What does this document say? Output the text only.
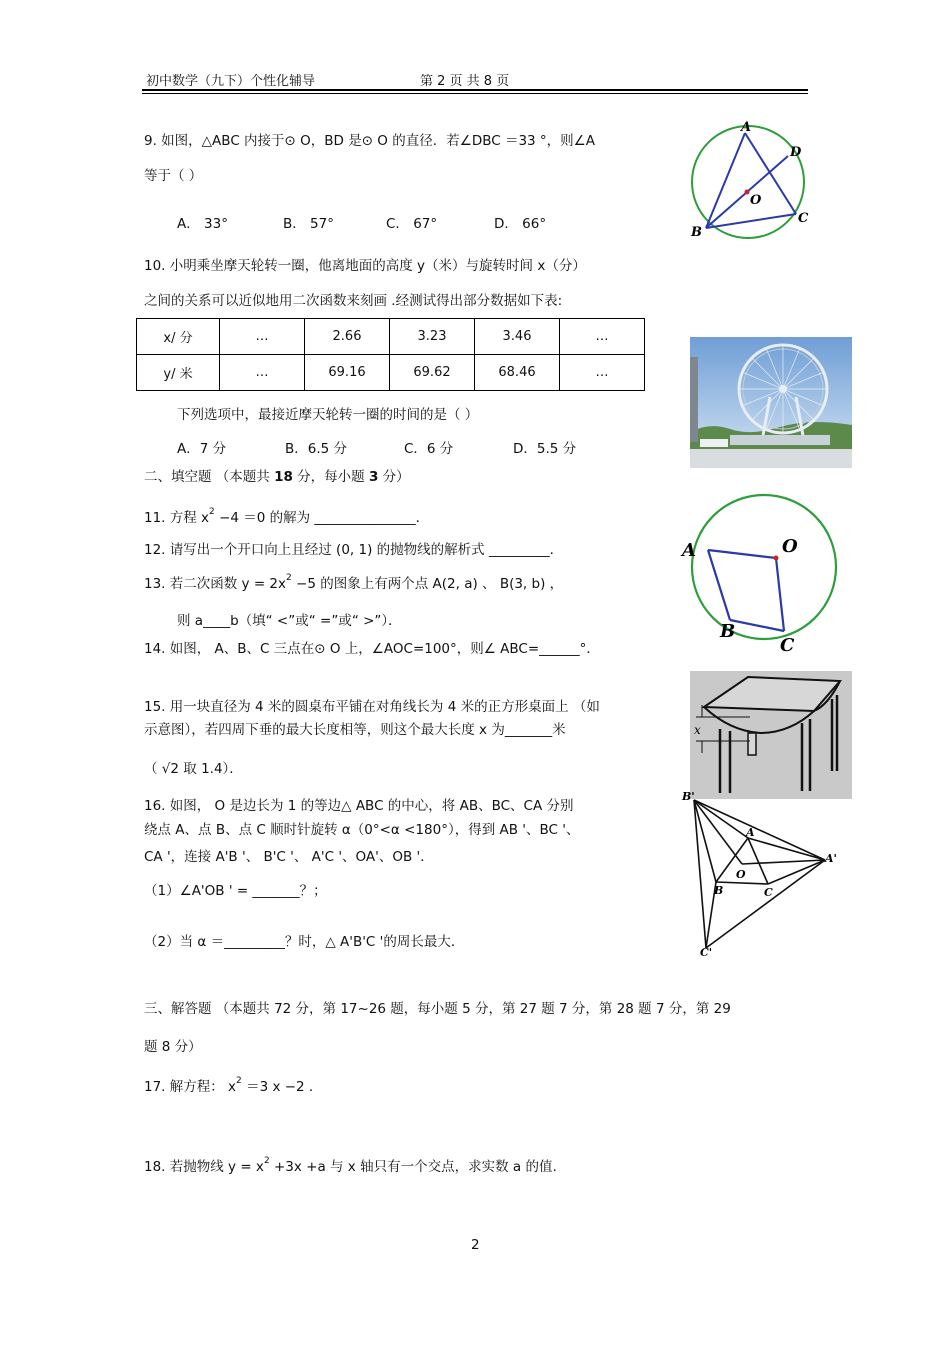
初中数学（九下）个性化辅导	第 2 页 共 8 页
9. 如图，△ABC 内接于⊙ O，BD 是⊙ O 的直径．若∠DBC ＝33 °，则∠A
等于（ ）
A． 33°	B． 57°	C． 67°	D． 66°
A
D
O
B
C
10. 小明乘坐摩天轮转一圈，他离地面的高度 y（米）与旋转时间 x（分）
之间的关系可以近似地用二次函数来刻画 .经测试得出部分数据如下表:
x/ 分	…	2.66	3.23	3.46	…
y/ 米	…	69.16	69.62	68.46	…
下列选项中，最接近摩天轮转一圈的时间的是（ ）
A．7 分	B．6.5 分	C．6 分	D．5.5 分
二、填空题 （本题共 18 分，每小题 3 分）
11. 方程 $x^2 -4 =0$ 的解为 _______________．
12. 请写出一个开口向上且经过 (0, 1) 的抛物线的解析式 _________．
13. 若二次函数 $y = 2x^2 -5$ 的图象上有两个点 A(2, a) 、 B(3, b) ，
则 a____b（填“ <”或“ =”或“ >”）．
14. 如图， A、B、C 三点在⊙ O 上，∠AOC=100°，则∠ ABC=______°．
A	O
B
C
15. 用一块直径为 4 米的圆桌布平铺在对角线长为 4 米的正方形桌面上 （如
示意图），若四周下垂的最大长度相等，则这个最大长度 x 为_______米
（ √2 取 1.4）．
x
16. 如图， O 是边长为 1 的等边△ ABC 的中心，将 AB、BC、CA 分别
绕点 A、点 B、点 C 顺时针旋转 α（0°<α <180°），得到 AB '、BC '、
CA '，连接 A'B '、 B'C '、 A'C '、OA'、OB '．
（1）∠A'OB ' = _______？；
（2）当 α ＝_________？时，△ A'B'C '的周长最大．
B'
A
O
A'
B	C
C'
三、解答题 （本题共 72 分，第 17~26 题，每小题 5 分，第 27 题 7 分，第 28 题 7 分，第 29
题 8 分）
17. 解方程： $x^2 =3$ x −2 .
18. 若抛物线 $y = x^2 +3x +a$ 与 x 轴只有一个交点，求实数 a 的值.
2
